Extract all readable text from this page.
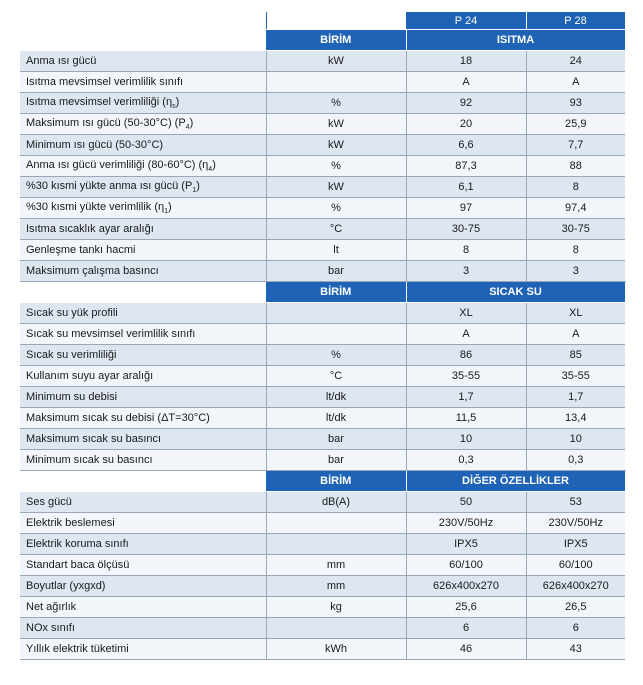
		P 24	P 28
	BİRİM	ISITMA	
Anma ısı gücü	kW	18	24
Isıtma mevsimsel verimlilik sınıfı		A	A
Isıtma mevsimsel verimliliği $(\eta_s)$	%	92	93
Maksimum ısı gücü (50-30°C) $(P_4)$	kW	20	25,9
Minimum ısı gücü (50-30°C)	kW	6,6	7,7
Anma ısı gücü verimliliği (80-60°C) $(\eta_4)$	%	87,3	88
%30 kısmi yükte anma ısı gücü $(P_1)$	kW	6,1	8
%30 kısmi yükte verimlilik $(\eta_1)$	%	97	97,4
Isıtma sıcaklık ayar aralığı	°C	30-75	30-75
Genleşme tankı hacmi	lt	8	8
Maksimum çalışma basıncı	bar	3	3
	BİRİM	SICAK SU	
Sıcak su yük profili		XL	XL
Sıcak su mevsimsel verimlilik sınıfı		A	A
Sıcak su verimliliği	%	86	85
Kullanım suyu ayar aralığı	°C	35-55	35-55
Minimum su debisi	lt/dk	1,7	1,7
Maksimum sıcak su debisi (ΔT=30°C)	lt/dk	11,5	13,4
Maksimum sıcak su basıncı	bar	10	10
Minimum sıcak su basıncı	bar	0,3	0,3
	BİRİM	DİĞER ÖZELLİKLER	
Ses gücü	dB(A)	50	53
Elektrik beslemesi		230V/50Hz	230V/50Hz
Elektrik koruma sınıfı		IPX5	IPX5
Standart baca ölçüsü	mm	60/100	60/100
Boyutlar (yxgxd)	mm	626x400x270	626x400x270
Net ağırlık	kg	25,6	26,5
NOx sınıfı		6	6
Yıllık elektrik tüketimi	kWh	46	43
